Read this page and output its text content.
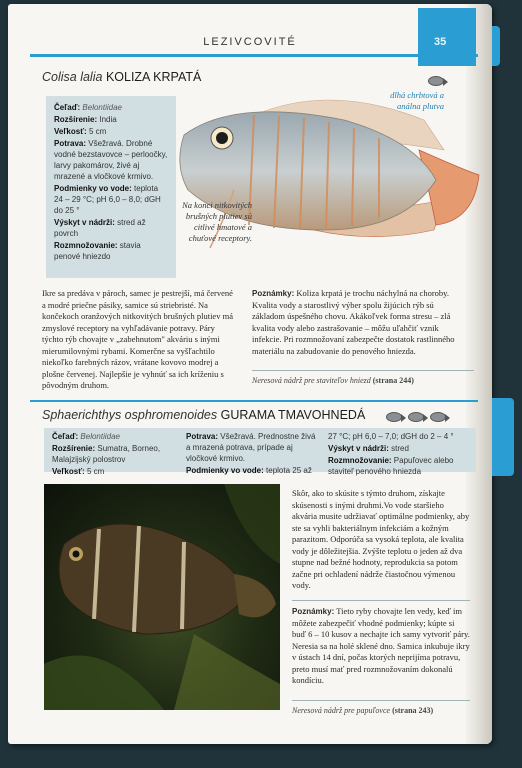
35
LEZIVCOVITÉ
Colisa lalia KOLIZA KRPATÁ
dlhá chrbtová a análna plutva

Čeľaď: Belontiidae

Rozšírenie: India

Veľkosť: 5 cm

Potrava: Všežravá. Drobné vodné bezstavovce – perloočky, larvy pakomárov, živé aj mrazené a vločkové krmivo.

Podmienky vo vode: teplota 24 – 29 °C; pH 6,0 – 8,0; dGH do 25 °

Výskyt v nádrži: stred až povrch

Rozmnožovanie: stavia penové hniezdo

Na konci nitkovitých brušných plutiev sú citlivé hmatové a chuťové receptory.
Ikre sa predáva v pároch, samec je pestrejší, má červené a modré priečne pásiky, samice sú striebristé. Na končekoch oranžových nitkovitých brušných plutiev má zmyslové receptory na vyhľadávanie potravy. Páry týchto rýb chovajte v „zabehnutom" akváriu s inými mierumilovnými rybami. Komerčne sa vyšľachtilo niekoľko farebných rázov, vrátane kovovo modrej a plošne červenej. Najlepšie je vyhnúť sa ich kríženiu s pôvodným druhom.
Poznámky: Koliza krpatá je trochu náchylná na choroby. Kvalita vody a starostlivý výber spolu žijúcich rýb sú základom úspešného chovu. Akákoľvek forma stresu – zlá kvalita vody alebo zastrašovanie – môžu uľahčiť vznik infekcie. Pri rozmnožovaní zabezpečte dostatok rastlinného materiálu na zabudovanie do penového hniezda.
Neresová nádrž pre staviteľov hniezd (strana 244)
Sphaerichthys osphromenoides GURAMA TMAVOHNEDÁ

Čeľaď: Belontiidae

Rozšírenie: Sumatra, Borneo, Malajzijský polostrov

Veľkosť: 5 cm

Potrava: Všežravá. Prednostne živá a mrazená potrava, prípade aj vločkové krmivo.

Podmienky vo vode: teplota 25 až

27 °C; pH 6,0 – 7,0; dGH do 2 – 4 °

Výskyt v nádrži: stred

Rozmnožovanie: Papuľovec alebo staviteľ penového hniezda

Skôr, ako to skúsite s týmto druhom, získajte skúsenosti s inými druhmi.Vo vode staršieho akvária musite udržiavať optimálne podmienky, aby ste sa vyhli bakteriálnym infekciám a kožným parazitom. Odporúča sa vysoká teplota, ale kvalita vody je dôležitejšia. Zvýšte teplotu o jeden až dva stupne nad bežné hodnoty, reprodukcia sa potom začne pri ochladení nádrže čiastočnou výmenou vody.
Poznámky: Tieto ryby chovajte len vedy, keď im môžete zabezpečiť vhodné podmienky; kúpte si buď 6 – 10 kusov a nechajte ich samy vytvoriť páry. Neresia sa na holé sklené dno. Samica inkubuje ikry v ústach 14 dní, počas ktorých neprijíma potravu, preto musí mať pred rozmnožovaním dokonalú kondíciu.
Neresová nádrž pre papuľovce (strana 243)
